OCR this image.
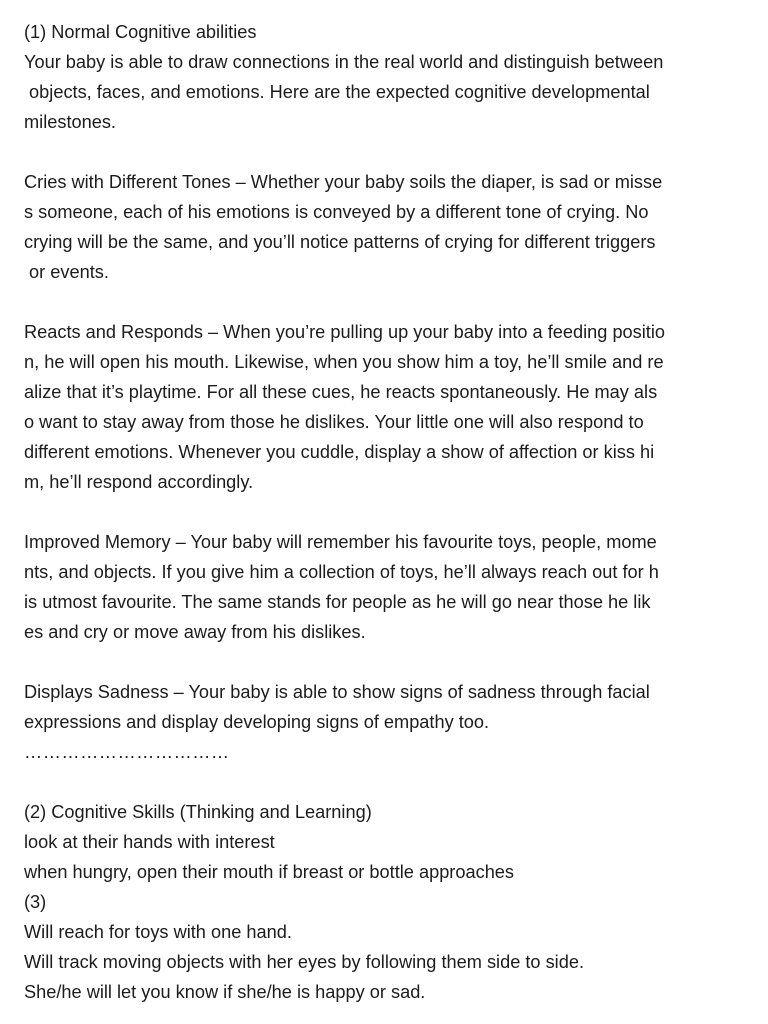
(1) Normal Cognitive abilities
Your baby is able to draw connections in the real world and distinguish between
objects, faces, and emotions. Here are the expected cognitive developmental
milestones.
Cries with Different Tones – Whether your baby soils the diaper, is sad or misse
s someone, each of his emotions is conveyed by a different tone of crying. No
crying will be the same, and you’ll notice patterns of crying for different triggers
or events.
Reacts and Responds – When you’re pulling up your baby into a feeding positio
n, he will open his mouth. Likewise, when you show him a toy, he’ll smile and re
alize that it’s playtime. For all these cues, he reacts spontaneously. He may als
o want to stay away from those he dislikes. Your little one will also respond to
different emotions. Whenever you cuddle, display a show of affection or kiss hi
m, he’ll respond accordingly.
Improved Memory – Your baby will remember his favourite toys, people, mome
nts, and objects. If you give him a collection of toys, he’ll always reach out for h
is utmost favourite. The same stands for people as he will go near those he lik
es and cry or move away from his dislikes.
Displays Sadness – Your baby is able to show signs of sadness through facial
expressions and display developing signs of empathy too.
……………………………
(2) Cognitive Skills (Thinking and Learning)
look at their hands with interest
when hungry, open their mouth if breast or bottle approaches
(3)
Will reach for toys with one hand.
Will track moving objects with her eyes by following them side to side.
She/he will let you know if she/he is happy or sad.
